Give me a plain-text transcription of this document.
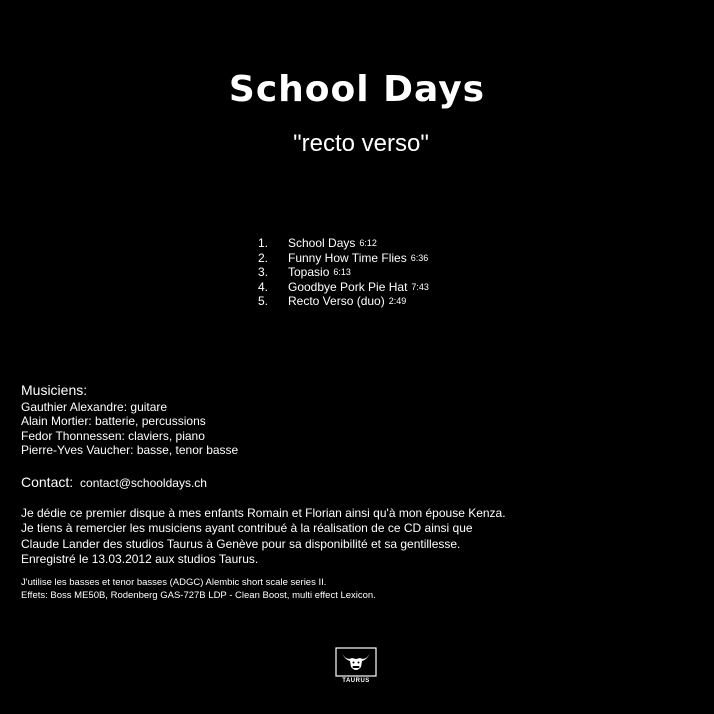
School Days
"recto verso"
1.	School Days 6:12
2.	Funny How Time Flies 6:36
3.	Topasio 6:13
4.	Goodbye Pork Pie Hat 7:43
5.	Recto Verso (duo) 2:49
Musiciens:
Gauthier Alexandre: guitare
Alain Mortier: batterie, percussions
Fedor Thonnessen: claviers, piano
Pierre-Yves Vaucher: basse, tenor basse

Contact: contact@schooldays.ch

Je dédie ce premier disque à mes enfants Romain et Florian ainsi qu'à mon épouse Kenza.
Je tiens à remercier les musiciens ayant contribué à la réalisation de ce CD ainsi que
Claude Lander des studios Taurus à Genève pour sa disponibilité et sa gentillesse.
Enregistré le 13.03.2012 aux studios Taurus.

J'utilise les basses et tenor basses (ADGC) Alembic short scale series II.
Effets: Boss ME50B, Rodenberg GAS-727B LDP - Clean Boost, multi effect Lexicon.

TAURUS
